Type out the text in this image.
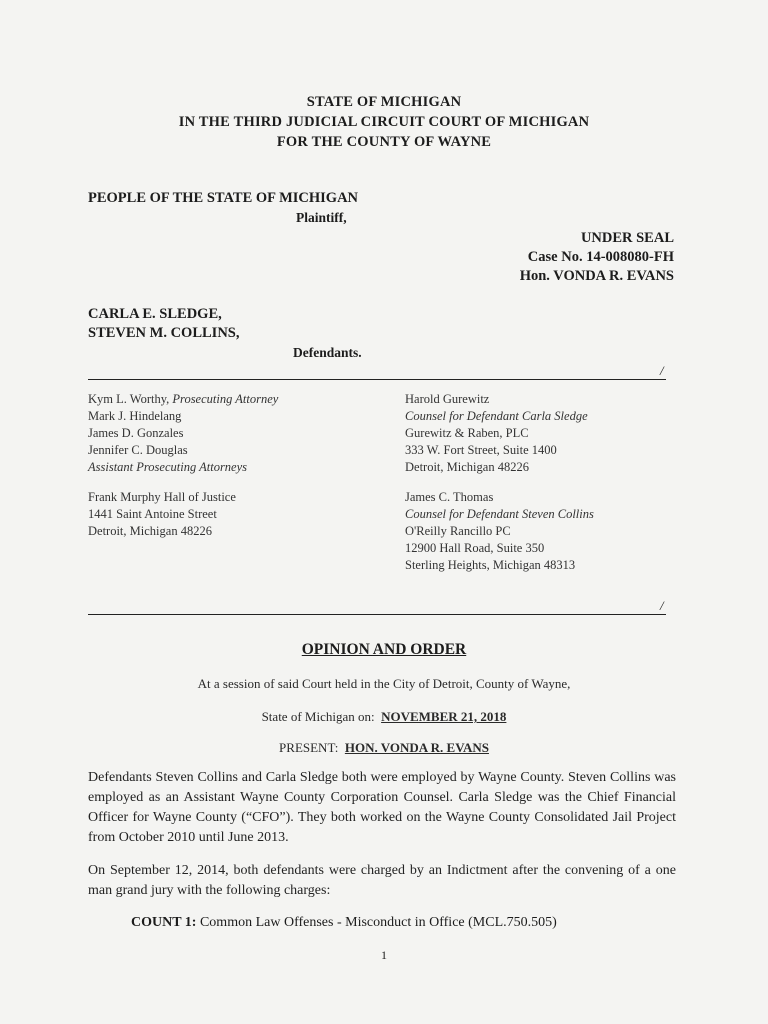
STATE OF MICHIGAN
IN THE THIRD JUDICIAL CIRCUIT COURT OF MICHIGAN
FOR THE COUNTY OF WAYNE
PEOPLE OF THE STATE OF MICHIGAN
Plaintiff,
UNDER SEAL
Case No. 14-008080-FH
Hon. VONDA R. EVANS
CARLA E. SLEDGE,
STEVEN M. COLLINS,
Defendants.
/
Kym L. Worthy, Prosecuting Attorney
Mark J. Hindelang
James D. Gonzales
Jennifer C. Douglas
Assistant Prosecuting Attorneys
Frank Murphy Hall of Justice
1441 Saint Antoine Street
Detroit, Michigan 48226
Harold Gurewitz
Counsel for Defendant Carla Sledge
Gurewitz & Raben, PLC
333 W. Fort Street, Suite 1400
Detroit, Michigan 48226
James C. Thomas
Counsel for Defendant Steven Collins
O'Reilly Rancillo PC
12900 Hall Road, Suite 350
Sterling Heights, Michigan 48313
/
OPINION AND ORDER
At a session of said Court held in the City of Detroit, County of Wayne,
State of Michigan on: NOVEMBER 21, 2018
PRESENT: HON. VONDA R. EVANS
Defendants Steven Collins and Carla Sledge both were employed by Wayne County. Steven Collins was employed as an Assistant Wayne County Corporation Counsel. Carla Sledge was the Chief Financial Officer for Wayne County (“CFO”). They both worked on the Wayne County Consolidated Jail Project from October 2010 until June 2013.
On September 12, 2014, both defendants were charged by an Indictment after the convening of a one man grand jury with the following charges:
COUNT 1: Common Law Offenses - Misconduct in Office (MCL.750.505)
1
